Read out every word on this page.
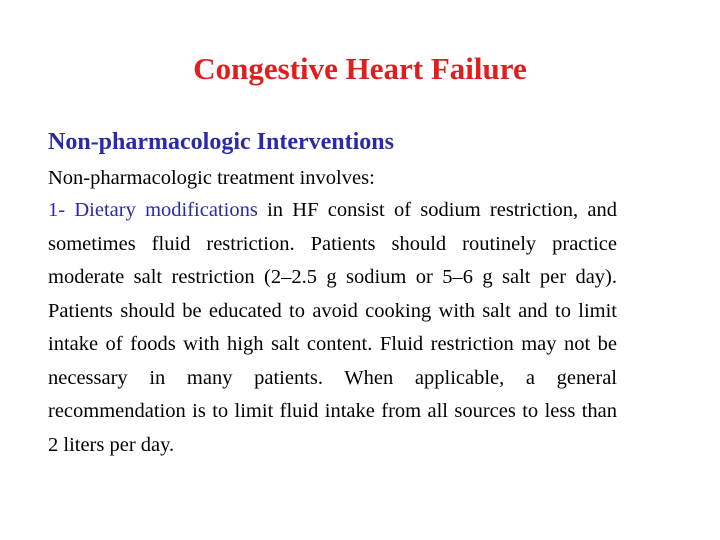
Congestive Heart Failure
Non-pharmacologic Interventions

Non-pharmacologic treatment involves:

1- Dietary modifications in HF consist of sodium restriction, and sometimes fluid restriction. Patients should routinely practice moderate salt restriction (2–2.5 g sodium or 5–6 g salt per day). Patients should be educated to avoid cooking with salt and to limit intake of foods with high salt content. Fluid restriction may not be necessary in many patients. When applicable, a general recommendation is to limit fluid intake from all sources to less than 2 liters per day.
